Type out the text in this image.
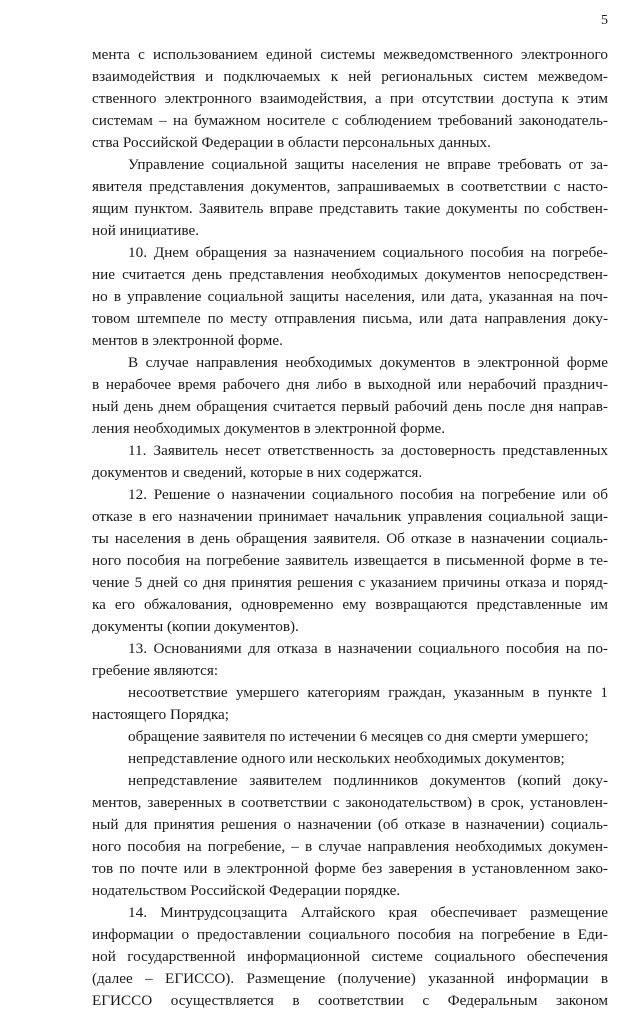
5
мента с использованием единой системы межведомственного электронного
взаимодействия и подключаемых к ней региональных систем межведом-
ственного электронного взаимодействия, а при отсутствии доступа к этим
системам – на бумажном носителе с соблюдением требований законодатель-
ства Российской Федерации в области персональных данных.
Управление социальной защиты населения не вправе требовать от за-
явителя представления документов, запрашиваемых в соответствии с насто-
ящим пунктом. Заявитель вправе представить такие документы по собствен-
ной инициативе.
10. Днем обращения за назначением социального пособия на погребе-
ние считается день представления необходимых документов непосредствен-
но в управление социальной защиты населения, или дата, указанная на поч-
товом штемпеле по месту отправления письма, или дата направления доку-
ментов в электронной форме.
В случае направления необходимых документов в электронной форме
в нерабочее время рабочего дня либо в выходной или нерабочий празднич-
ный день днем обращения считается первый рабочий день после дня направ-
ления необходимых документов в электронной форме.
11. Заявитель несет ответственность за достоверность представленных
документов и сведений, которые в них содержатся.
12. Решение о назначении социального пособия на погребение или об
отказе в его назначении принимает начальник управления социальной защи-
ты населения в день обращения заявителя. Об отказе в назначении социаль-
ного пособия на погребение заявитель извещается в письменной форме в те-
чение 5 дней со дня принятия решения с указанием причины отказа и поряд-
ка его обжалования, одновременно ему возвращаются представленные им
документы (копии документов).
13. Основаниями для отказа в назначении социального пособия на по-
гребение являются:
несоответствие умершего категориям граждан, указанным в пункте 1
настоящего Порядка;
обращение заявителя по истечении 6 месяцев со дня смерти умершего;
непредставление одного или нескольких необходимых документов;
непредставление заявителем подлинников документов (копий доку-
ментов, заверенных в соответствии с законодательством) в срок, установлен-
ный для принятия решения о назначении (об отказе в назначении) социаль-
ного пособия на погребение, – в случае направления необходимых докумен-
тов по почте или в электронной форме без заверения в установленном зако-
нодательством Российской Федерации порядке.
14. Минтрудсоцзащита Алтайского края обеспечивает размещение
информации о предоставлении социального пособия на погребение в Еди-
ной государственной информационной системе социального обеспечения
(далее – ЕГИССО). Размещение (получение) указанной информации в
ЕГИССО осуществляется в соответствии с Федеральным законом
